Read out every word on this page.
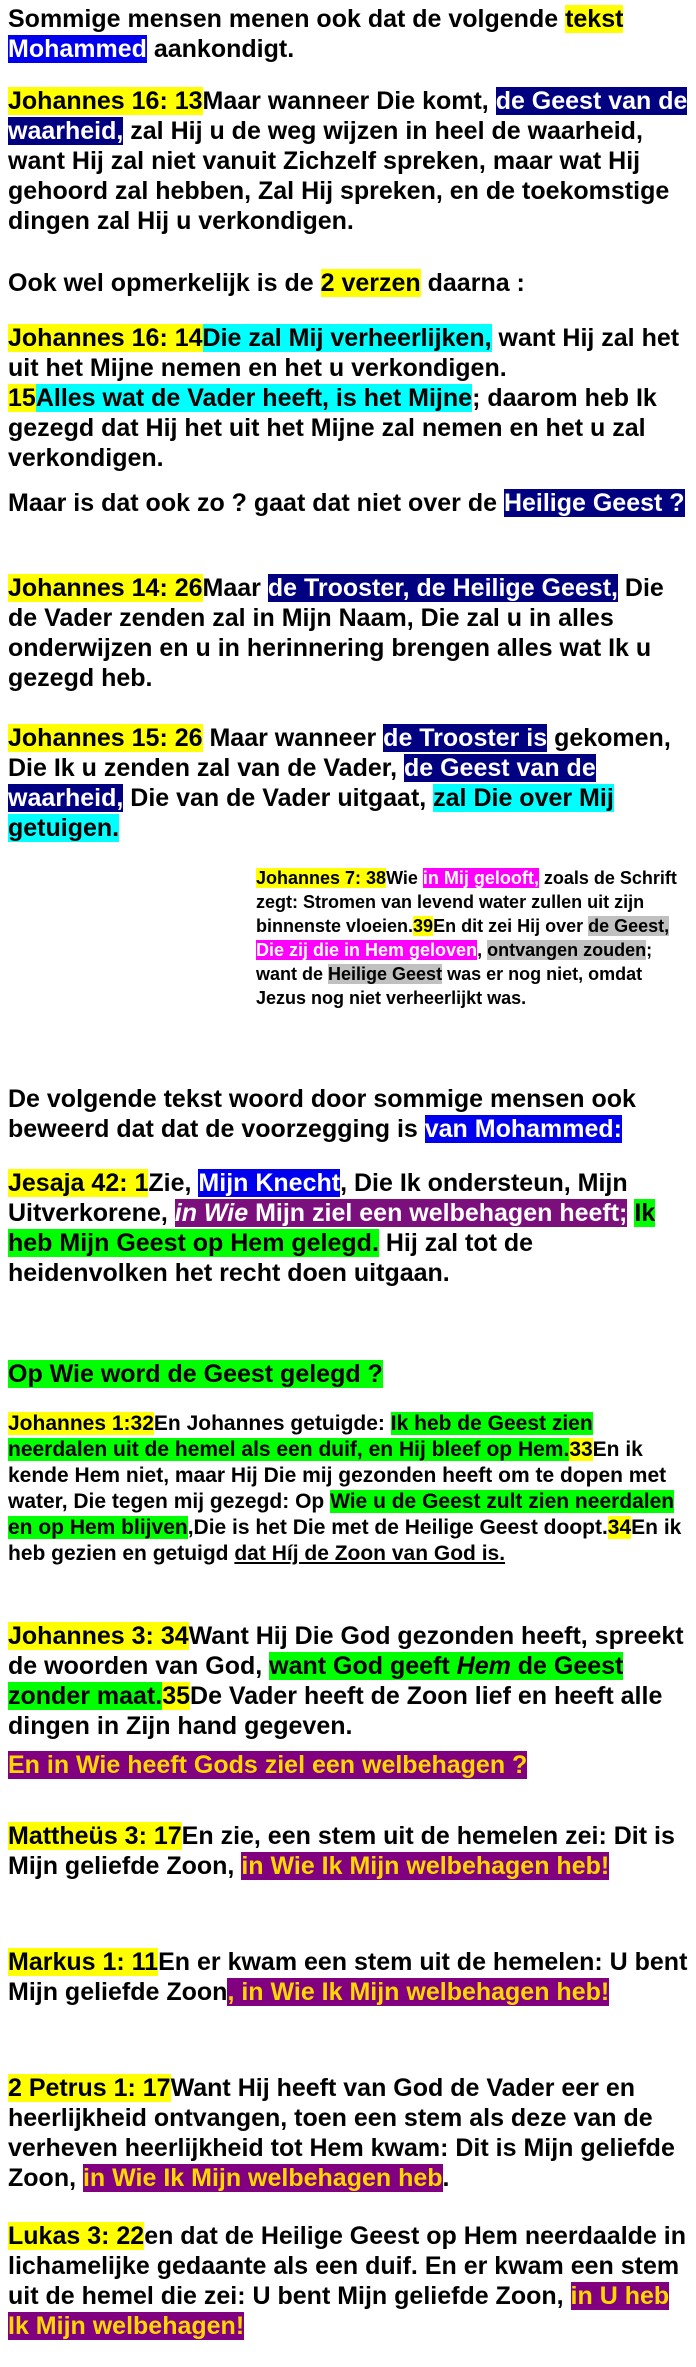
Sommige mensen menen ook dat de volgende tekst
Mohammed aankondigt.
Johannes 16: 13Maar wanneer Die komt, de Geest van de waarheid, zal Hij u de weg wijzen in heel de waarheid, want Hij zal niet vanuit Zichzelf spreken, maar wat Hij gehoord zal hebben, Zal Hij spreken, en de toekomstige dingen zal Hij u verkondigen.
Ook wel opmerkelijk is de 2 verzen daarna :
Johannes 16: 14Die zal Mij verheerlijken, want Hij zal het uit het Mijne nemen en het u verkondigen.
15Alles wat de Vader heeft, is het Mijne; daarom heb Ik gezegd dat Hij het uit het Mijne zal nemen en het u zal verkondigen.
Maar is dat ook zo ? gaat dat niet over de Heilige Geest ?
Johannes 14: 26Maar de Trooster, de Heilige Geest, Die de Vader zenden zal in Mijn Naam, Die zal u in alles onderwijzen en u in herinnering brengen alles wat Ik u gezegd heb.
Johannes 15: 26 Maar wanneer de Trooster is gekomen, Die Ik u zenden zal van de Vader, de Geest van de waarheid, Die van de Vader uitgaat, zal Die over Mij getuigen.
Johannes 7: 38Wie in Mij gelooft, zoals de Schrift zegt: Stromen van levend water zullen uit zijn binnenste vloeien.39En dit zei Hij over de Geest, Die zij die in Hem geloven, ontvangen zouden; want de Heilige Geest was er nog niet, omdat Jezus nog niet verheerlijkt was.
De volgende tekst woord door sommige mensen ook beweerd dat dat de voorzegging is van Mohammed:
Jesaja 42: 1Zie, Mijn Knecht, Die Ik ondersteun, Mijn Uitverkorene, in Wie Mijn ziel een welbehagen heeft; Ik heb Mijn Geest op Hem gelegd. Hij zal tot de heidenvolken het recht doen uitgaan.
Op Wie word de Geest gelegd ?
Johannes 1:32En Johannes getuigde: Ik heb de Geest zien neerdalen uit de hemel als een duif, en Hij bleef op Hem.33En ik kende Hem niet, maar Hij Die mij gezonden heeft om te dopen met water, Die tegen mij gezegd: Op Wie u de Geest zult zien neerdalen en op Hem blijven,Die is het Die met de Heilige Geest doopt.34En ik heb gezien en getuigd dat Híj de Zoon van God is.
Johannes 3: 34Want Hij Die God gezonden heeft, spreekt de woorden van God, want God geeft Hem de Geest zonder maat.35De Vader heeft de Zoon lief en heeft alle dingen in Zijn hand gegeven.
En in Wie heeft Gods ziel een welbehagen ?
Mattheüs 3: 17En zie, een stem uit de hemelen zei: Dit is Mijn geliefde Zoon, in Wie Ik Mijn welbehagen heb!
Markus 1: 11En er kwam een stem uit de hemelen: U bent Mijn geliefde Zoon, in Wie Ik Mijn welbehagen heb!
2 Petrus 1: 17Want Hij heeft van God de Vader eer en heerlijkheid ontvangen, toen een stem als deze van de verheven heerlijkheid tot Hem kwam: Dit is Mijn geliefde Zoon, in Wie Ik Mijn welbehagen heb.
Lukas 3: 22en dat de Heilige Geest op Hem neerdaalde in lichamelijke gedaante als een duif. En er kwam een stem uit de hemel die zei: U bent Mijn geliefde Zoon, in U heb Ik Mijn welbehagen!
